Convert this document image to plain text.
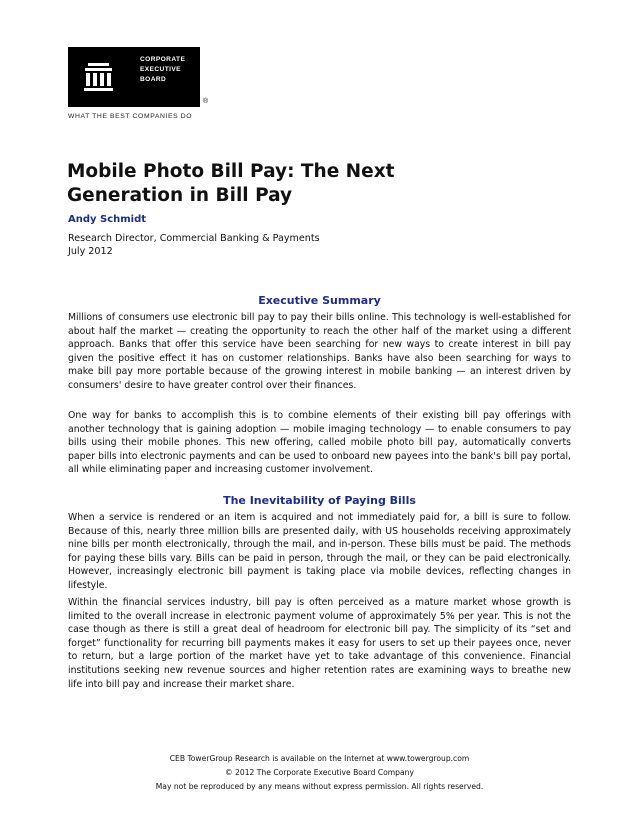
CORPORATE
EXECUTIVE
BOARD
®
WHAT THE BEST COMPANIES DO
Mobile Photo Bill Pay: The Next Generation in Bill Pay
Andy Schmidt
Research Director, Commercial Banking & Payments
July 2012
Executive Summary

Millions of consumers use electronic bill pay to pay their bills online. This technology is well-established for about half the market — creating the opportunity to reach the other half of the market using a different approach. Banks that offer this service have been searching for new ways to create interest in bill pay given the positive effect it has on customer relationships. Banks have also been searching for ways to make bill pay more portable because of the growing interest in mobile banking — an interest driven by consumers' desire to have greater control over their finances.

One way for banks to accomplish this is to combine elements of their existing bill pay offerings with another technology that is gaining adoption — mobile imaging technology — to enable consumers to pay bills using their mobile phones. This new offering, called mobile photo bill pay, automatically converts paper bills into electronic payments and can be used to onboard new payees into the bank's bill pay portal, all while eliminating paper and increasing customer involvement.

The Inevitability of Paying Bills

When a service is rendered or an item is acquired and not immediately paid for, a bill is sure to follow. Because of this, nearly three million bills are presented daily, with US households receiving approximately nine bills per month electronically, through the mail, and in-person. These bills must be paid. The methods for paying these bills vary. Bills can be paid in person, through the mail, or they can be paid electronically. However, increasingly electronic bill payment is taking place via mobile devices, reflecting changes in lifestyle.

Within the financial services industry, bill pay is often perceived as a mature market whose growth is limited to the overall increase in electronic payment volume of approximately 5% per year. This is not the case though as there is still a great deal of headroom for electronic bill pay. The simplicity of its “set and forget” functionality for recurring bill payments makes it easy for users to set up their payees once, never to return, but a large portion of the market have yet to take advantage of this convenience. Financial institutions seeking new revenue sources and higher retention rates are examining ways to breathe new life into bill pay and increase their market share.

CEB TowerGroup Research is available on the Internet at www.towergroup.com
© 2012 The Corporate Executive Board Company
May not be reproduced by any means without express permission. All rights reserved.
